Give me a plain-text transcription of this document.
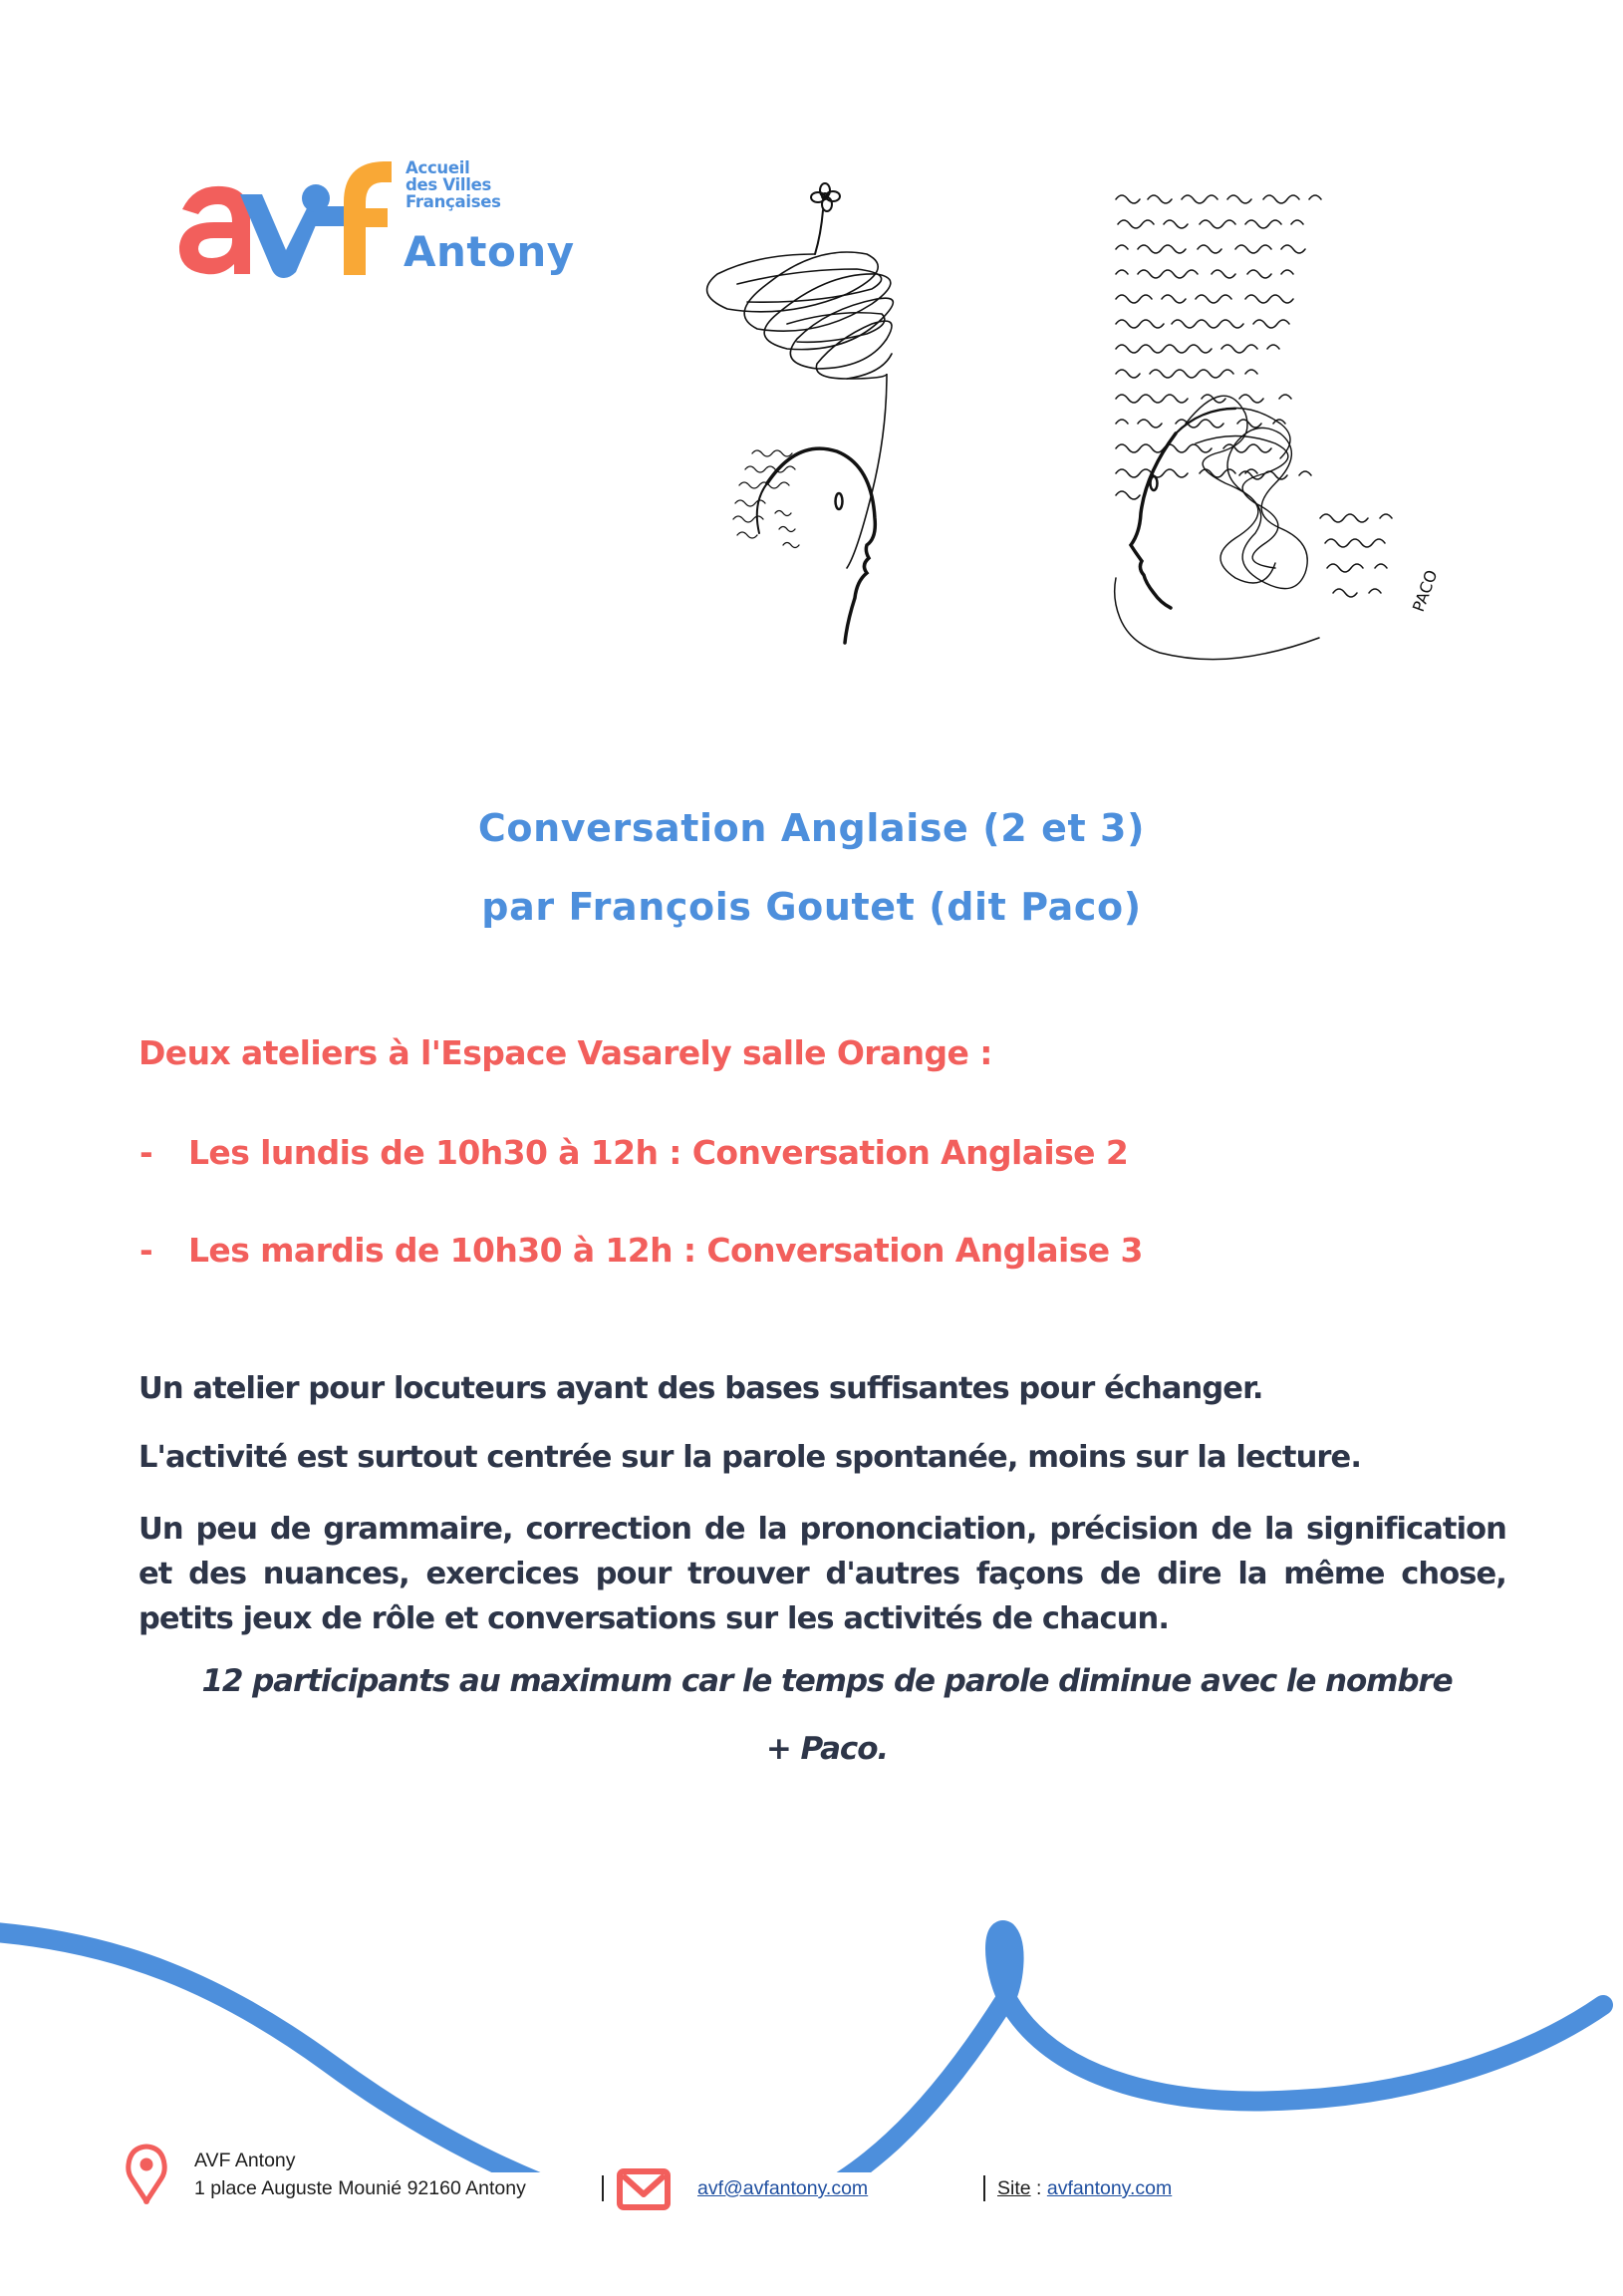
Accueil
des Villes
Françaises
Antony
PACO
Conversation Anglaise (2 et 3)
par François Goutet (dit Paco)
Deux ateliers à l'Espace Vasarely salle Orange :
- Les lundis de 10h30 à 12h : Conversation Anglaise 2
- Les mardis de 10h30 à 12h : Conversation Anglaise 3
Un atelier pour locuteurs ayant des bases suffisantes pour échanger.
L'activité est surtout centrée sur la parole spontanée, moins sur la lecture.
Un peu de grammaire, correction de la prononciation, précision de la signification et des nuances, exercices pour trouver d'autres façons de dire la même chose, petits jeux de rôle et conversations sur les activités de chacun.
12 participants au maximum car le temps de parole diminue avec le nombre
+ Paco.
AVF Antony
1 place Auguste Mounié 92160 Antony	avf@avfantony.com	Site : avfantony.com
